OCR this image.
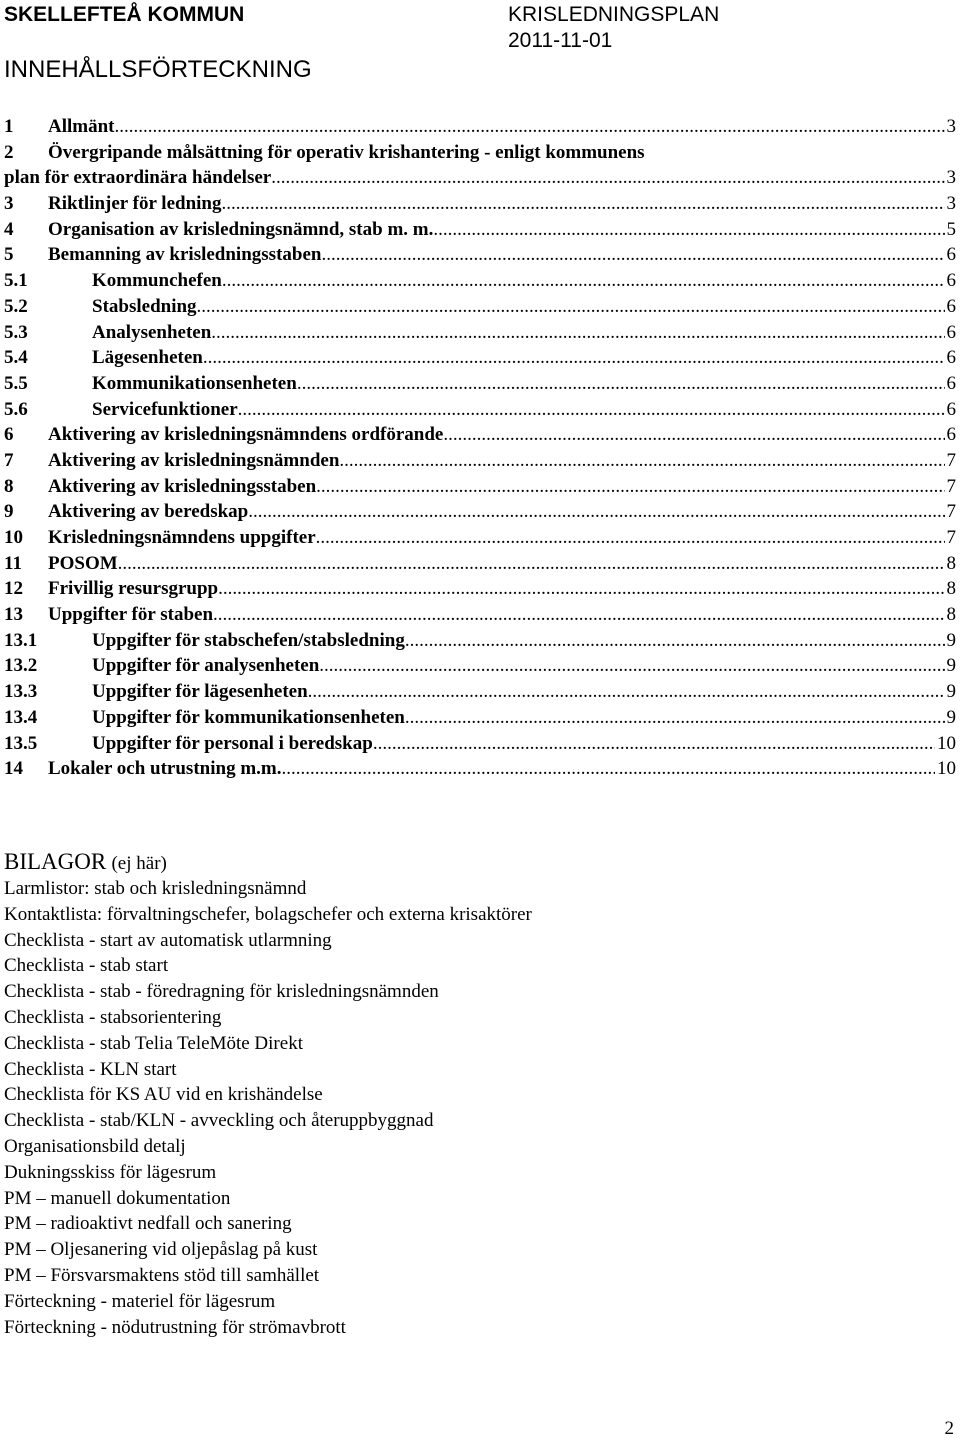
SKELLEFTEÅ KOMMUN	KRISLEDNINGSPLAN
2011-11-01
INNEHÅLLSFÖRTECKNING
1 Allmänt .....	3
2 Övergripande målsättning för operativ krishantering - enligt kommunens
plan för extraordinära händelser .....	3
3 Riktlinjer för ledning .....	3
4 Organisation av krisledningsnämnd, stab m. m. .....	5
5 Bemanning av krisledningsstaben .....	6
5.1	Kommunchefen .....	6
5.2	Stabsledning .....	6
5.3	Analysenheten .....	6
5.4	Lägesenheten .....	6
5.5	Kommunikationsenheten .....	6
5.6	Servicefunktioner .....	6
6 Aktivering av krisledningsnämndens ordförande .....	6
7 Aktivering av krisledningsnämnden .....	7
8 Aktivering av krisledningsstaben .....	7
9 Aktivering av beredskap .....	7
10 Krisledningsnämndens uppgifter .....	7
11 POSOM .....	8
12 Frivillig resursgrupp .....	8
13 Uppgifter för staben .....	8
13.1	Uppgifter för stabschefen/stabsledning .....	9
13.2	Uppgifter för analysenheten .....	9
13.3	Uppgifter för lägesenheten .....	9
13.4	Uppgifter för kommunikationsenheten .....	9
13.5	Uppgifter för personal i beredskap .....	10
14 Lokaler och utrustning m.m. .....	10
BILAGOR (ej här)
Larmlistor: stab och krisledningsnämnd
Kontaktlista: förvaltningschefer, bolagschefer och externa krisaktörer
Checklista - start av automatisk utlarmning
Checklista - stab start
Checklista - stab - föredragning för krisledningsnämnden
Checklista - stabsorientering
Checklista - stab Telia TeleMöte Direkt
Checklista - KLN start
Checklista för KS AU vid en krishändelse
Checklista - stab/KLN - avveckling och återuppbyggnad
Organisationsbild detalj
Dukningsskiss för lägesrum
PM – manuell dokumentation
PM – radioaktivt nedfall och sanering
PM – Oljesanering vid oljepåslag på kust
PM – Försvarsmaktens stöd till samhället
Förteckning - materiel för lägesrum
Förteckning - nödutrustning för strömavbrott
2
